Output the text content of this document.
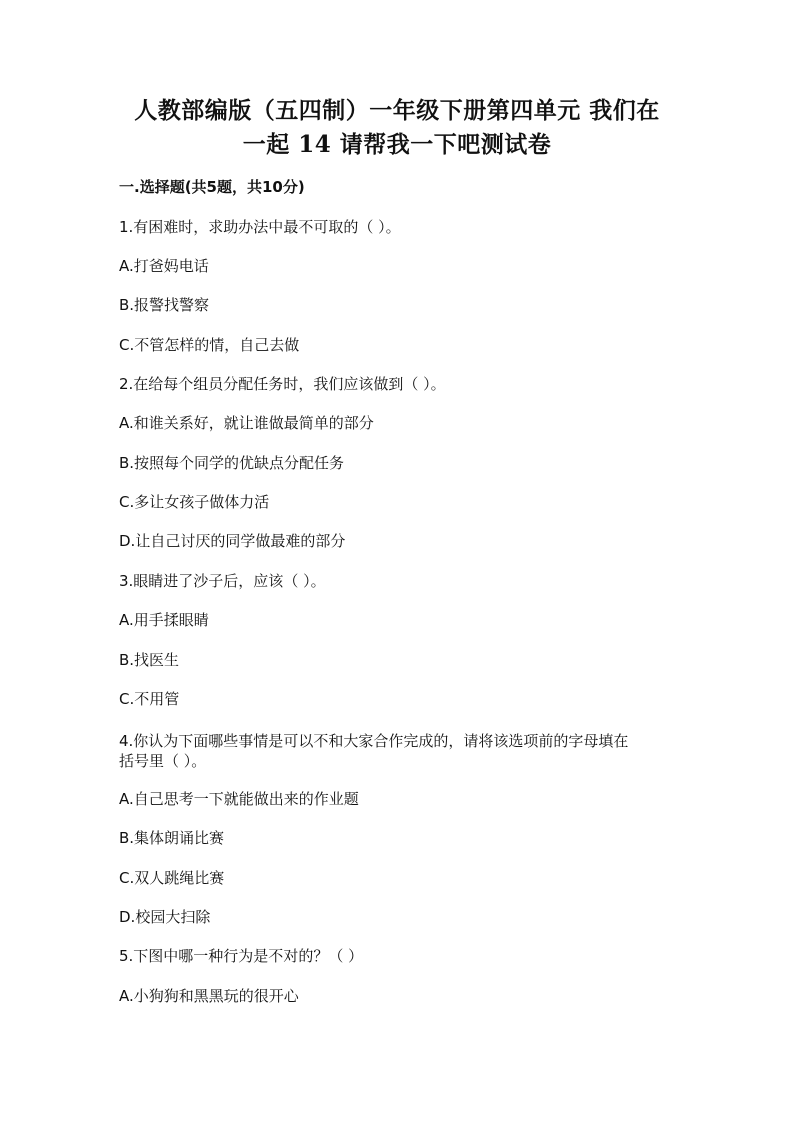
人教部编版（五四制）一年级下册第四单元 我们在
一起 14 请帮我一下吧测试卷
一.选择题(共5题，共10分)
1.有困难时，求助办法中最不可取的（ ）。
A.打爸妈电话
B.报警找警察
C.不管怎样的情，自己去做
2.在给每个组员分配任务时，我们应该做到（ ）。
A.和谁关系好，就让谁做最简单的部分
B.按照每个同学的优缺点分配任务
C.多让女孩子做体力活
D.让自己讨厌的同学做最难的部分
3.眼睛进了沙子后，应该（ ）。
A.用手揉眼睛
B.找医生
C.不用管
4.你认为下面哪些事情是可以不和大家合作完成的，请将该选项前的字母填在
括号里（ ）。
A.自己思考一下就能做出来的作业题
B.集体朗诵比赛
C.双人跳绳比赛
D.校园大扫除
5.下图中哪一种行为是不对的？（ ）
A.小狗狗和黑黑玩的很开心
